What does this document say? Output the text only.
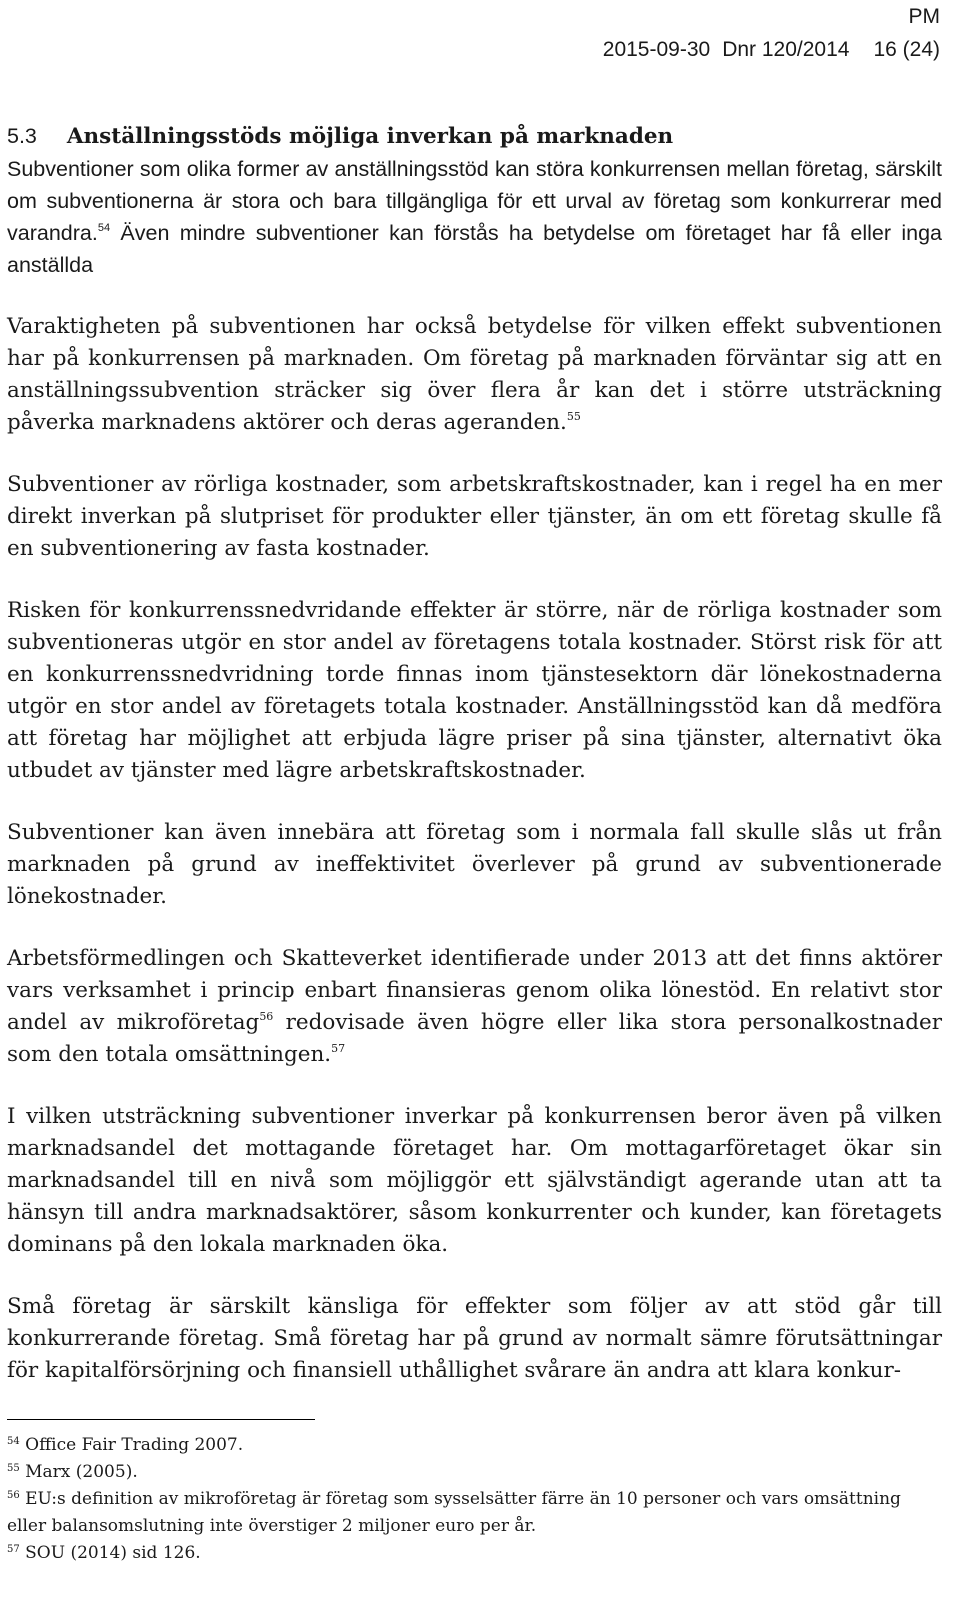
PM
2015-09-30 Dnr 120/2014 16 (24)
5.3 Anställningsstöds möjliga inverkan på marknaden

Subventioner som olika former av anställningsstöd kan störa konkurrensen mellan företag, särskilt om subventionerna är stora och bara tillgängliga för ett urval av företag som konkurrerar med varandra.$^{54}$ Även mindre subventioner kan förstås ha betydelse om företaget har få eller inga anställda

Varaktigheten på subventionen har också betydelse för vilken effekt subventionen har på konkurrensen på marknaden. Om företag på marknaden förväntar sig att en anställningssubvention sträcker sig över flera år kan det i större utsträckning påverka marknadens aktörer och deras ageranden.$^{55}$

Subventioner av rörliga kostnader, som arbetskraftskostnader, kan i regel ha en mer direkt inverkan på slutpriset för produkter eller tjänster, än om ett företag skulle få en subventionering av fasta kostnader.

Risken för konkurrenssnedvridande effekter är större, när de rörliga kostnader som subventioneras utgör en stor andel av företagens totala kostnader. Störst risk för att en konkurrenssnedvridning torde finnas inom tjänstesektorn där lönekostnaderna utgör en stor andel av företagets totala kostnader. Anställningsstöd kan då medföra att företag har möjlighet att erbjuda lägre priser på sina tjänster, alternativt öka utbudet av tjänster med lägre arbetskraftskostnader.

Subventioner kan även innebära att företag som i normala fall skulle slås ut från marknaden på grund av ineffektivitet överlever på grund av subventionerade lönekostnader.

Arbetsförmedlingen och Skatteverket identifierade under 2013 att det finns aktörer vars verksamhet i princip enbart finansieras genom olika lönestöd. En relativt stor andel av mikroföretag$^{56}$ redovisade även högre eller lika stora personalkostnader som den totala omsättningen.$^{57}$

I vilken utsträckning subventioner inverkar på konkurrensen beror även på vilken marknadsandel det mottagande företaget har. Om mottagarföretaget ökar sin marknadsandel till en nivå som möjliggör ett självständigt agerande utan att ta hänsyn till andra marknadsaktörer, såsom konkurrenter och kunder, kan företagets dominans på den lokala marknaden öka.

Små företag är särskilt känsliga för effekter som följer av att stöd går till konkurrerande företag. Små företag har på grund av normalt sämre förutsättningar för kapitalförsörjning och finansiell uthållighet svårare än andra att klara konkur-

$^{54}$ Office Fair Trading 2007.
$^{55}$ Marx (2005).
$^{56}$ EU:s definition av mikroföretag är företag som sysselsätter färre än 10 personer och vars omsättning eller balansomslutning inte överstiger 2 miljoner euro per år.
$^{57}$ SOU (2014) sid 126.
